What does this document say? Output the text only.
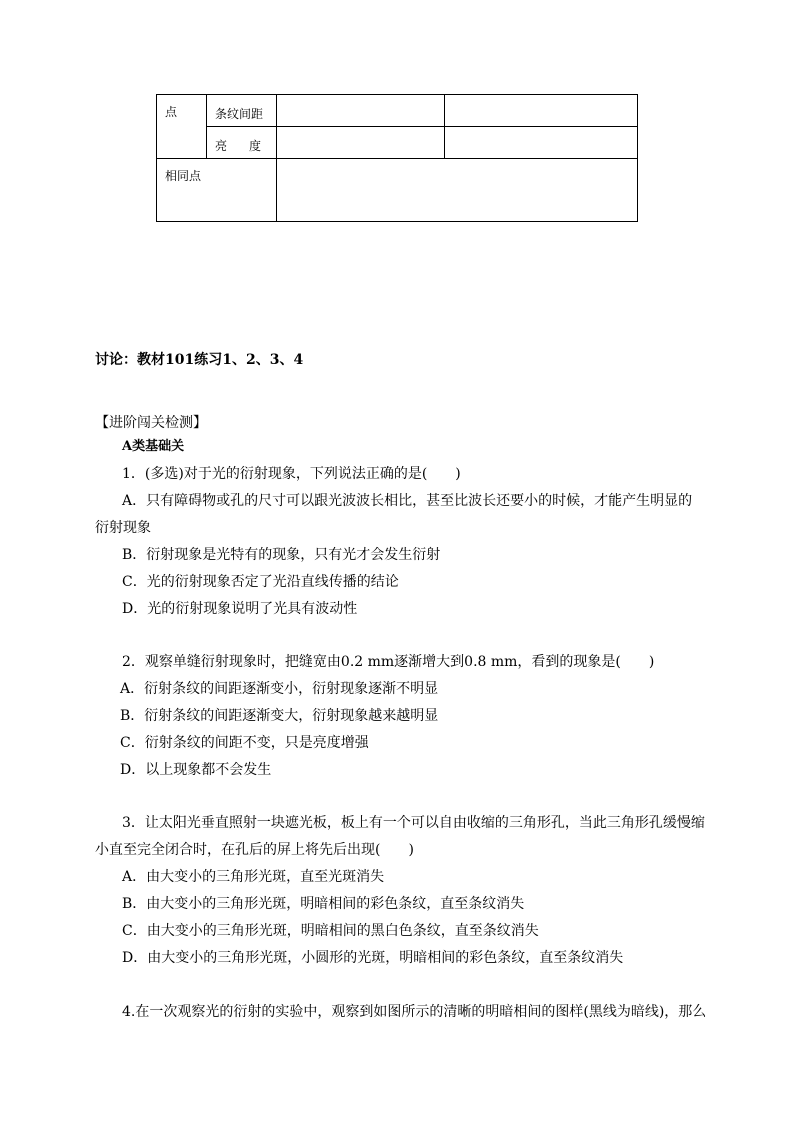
点	条纹间距		

	亮 度		

相同点			

讨论：教材101练习1、2、3、4
【进阶闯关检测】
A类基础关
1．(多选)对于光的衍射现象，下列说法正确的是(　　)
A．只有障碍物或孔的尺寸可以跟光波波长相比，甚至比波长还要小的时候，才能产生明显的
衍射现象
B．衍射现象是光特有的现象，只有光才会发生衍射
C．光的衍射现象否定了光沿直线传播的结论
D．光的衍射现象说明了光具有波动性
2．观察单缝衍射现象时，把缝宽由0.2 mm逐渐增大到0.8 mm，看到的现象是(　　)
A．衍射条纹的间距逐渐变小，衍射现象逐渐不明显
B．衍射条纹的间距逐渐变大，衍射现象越来越明显
C．衍射条纹的间距不变，只是亮度增强
D．以上现象都不会发生
3．让太阳光垂直照射一块遮光板，板上有一个可以自由收缩的三角形孔，当此三角形孔缓慢缩
小直至完全闭合时，在孔后的屏上将先后出现(　　)
A．由大变小的三角形光斑，直至光斑消失
B．由大变小的三角形光斑，明暗相间的彩色条纹，直至条纹消失
C．由大变小的三角形光斑，明暗相间的黑白色条纹，直至条纹消失
D．由大变小的三角形光斑，小圆形的光斑，明暗相间的彩色条纹，直至条纹消失
4.在一次观察光的衍射的实验中，观察到如图所示的清晰的明暗相间的图样(黑线为暗线)，那么
